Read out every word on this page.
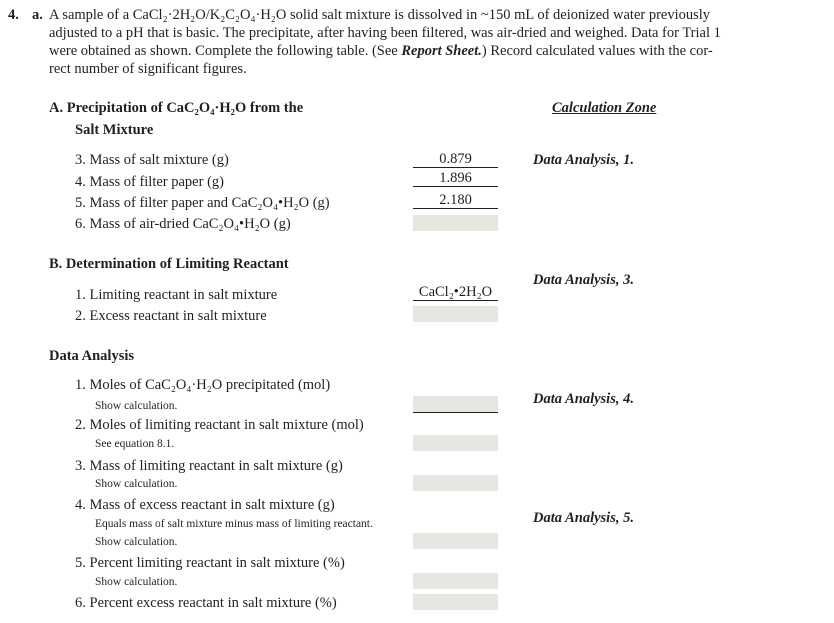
4. a. A sample of a CaCl₂·2H₂O/K₂C₂O₄·H₂O solid salt mixture is dissolved in ~150 mL of deionized water previously
adjusted to a pH that is basic. The precipitate, after having been filtered, was air-dried and weighed. Data for Trial 1
were obtained as shown. Complete the following table. (See Report Sheet.) Record calculated values with the cor-
rect number of significant figures.
Calculation Zone
A. Precipitation of CaC₂O₄·H₂O from the
Salt Mixture
3. Mass of salt mixture (g)
4. Mass of filter paper (g)
5. Mass of filter paper and CaC₂O₄•H₂O (g)
6. Mass of air-dried CaC₂O₄•H₂O (g)
0.879
1.896
2.180
Data Analysis, 1.
B. Determination of Limiting Reactant
1. Limiting reactant in salt mixture
2. Excess reactant in salt mixture
CaCl₂•2H₂O
Data Analysis, 3.
Data Analysis
1. Moles of CaC₂O₄·H₂O precipitated (mol)
Show calculation.
2. Moles of limiting reactant in salt mixture (mol)
See equation 8.1.
3. Mass of limiting reactant in salt mixture (g)
Show calculation.
4. Mass of excess reactant in salt mixture (g)
Equals mass of salt mixture minus mass of limiting reactant.
Show calculation.
5. Percent limiting reactant in salt mixture (%)
Show calculation.
6. Percent excess reactant in salt mixture (%)
Data Analysis, 4.
Data Analysis, 5.
